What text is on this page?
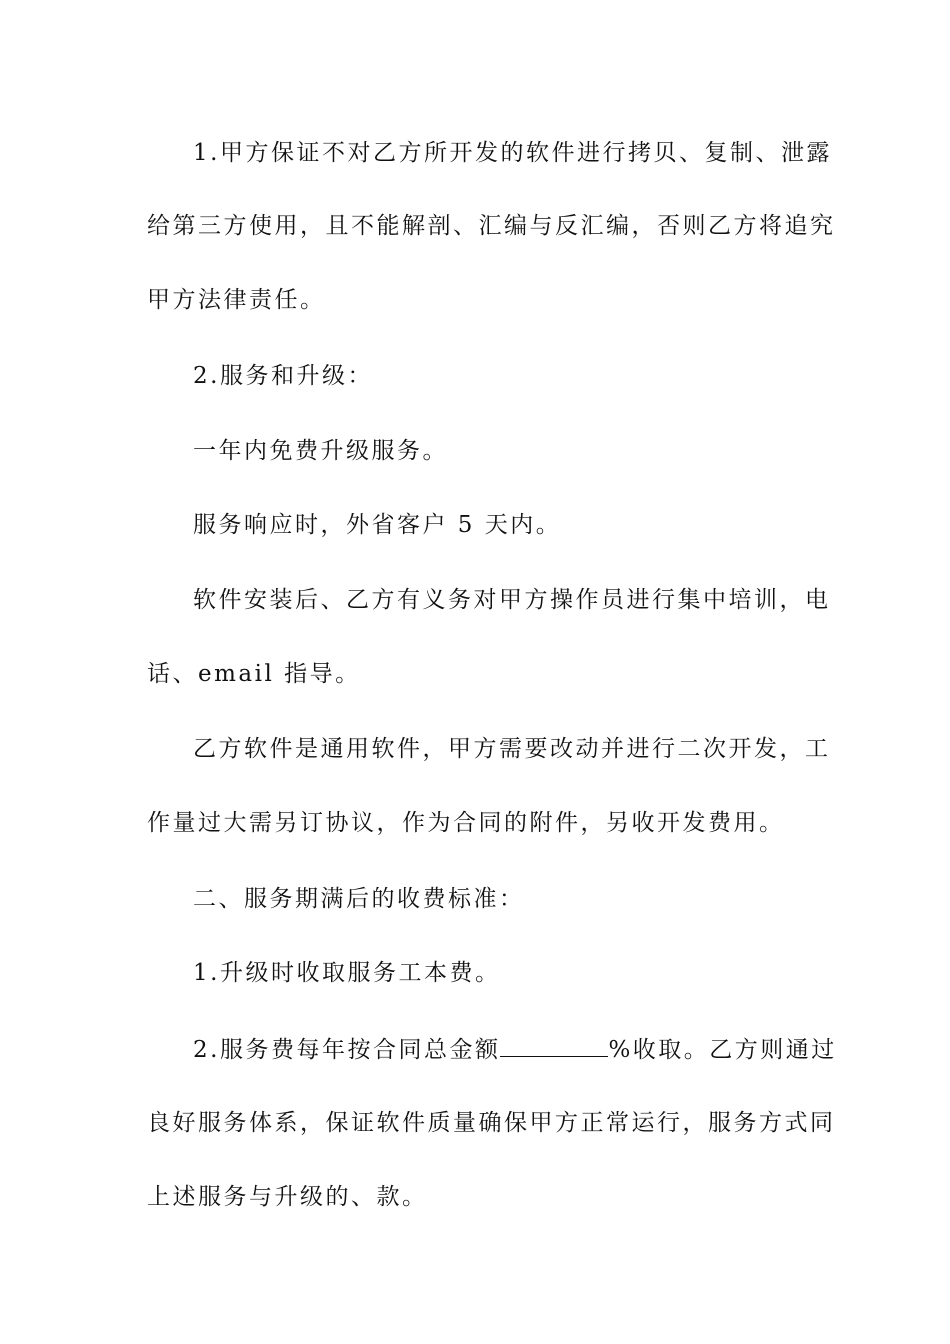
1.甲方保证不对乙方所开发的软件进行拷贝、复制、泄露
给第三方使用，且不能解剖、汇编与反汇编，否则乙方将追究
甲方法律责任。
2.服务和升级：
一年内免费升级服务。
服务响应时，外省客户 5 天内。
软件安装后、乙方有义务对甲方操作员进行集中培训，电
话、email 指导。
乙方软件是通用软件，甲方需要改动并进行二次开发，工
作量过大需另订协议，作为合同的附件，另收开发费用。
二、服务期满后的收费标准：
1.升级时收取服务工本费。
2.服务费每年按合同总金额	%收取。乙方则通过
良好服务体系，保证软件质量确保甲方正常运行，服务方式同
上述服务与升级的、款。
